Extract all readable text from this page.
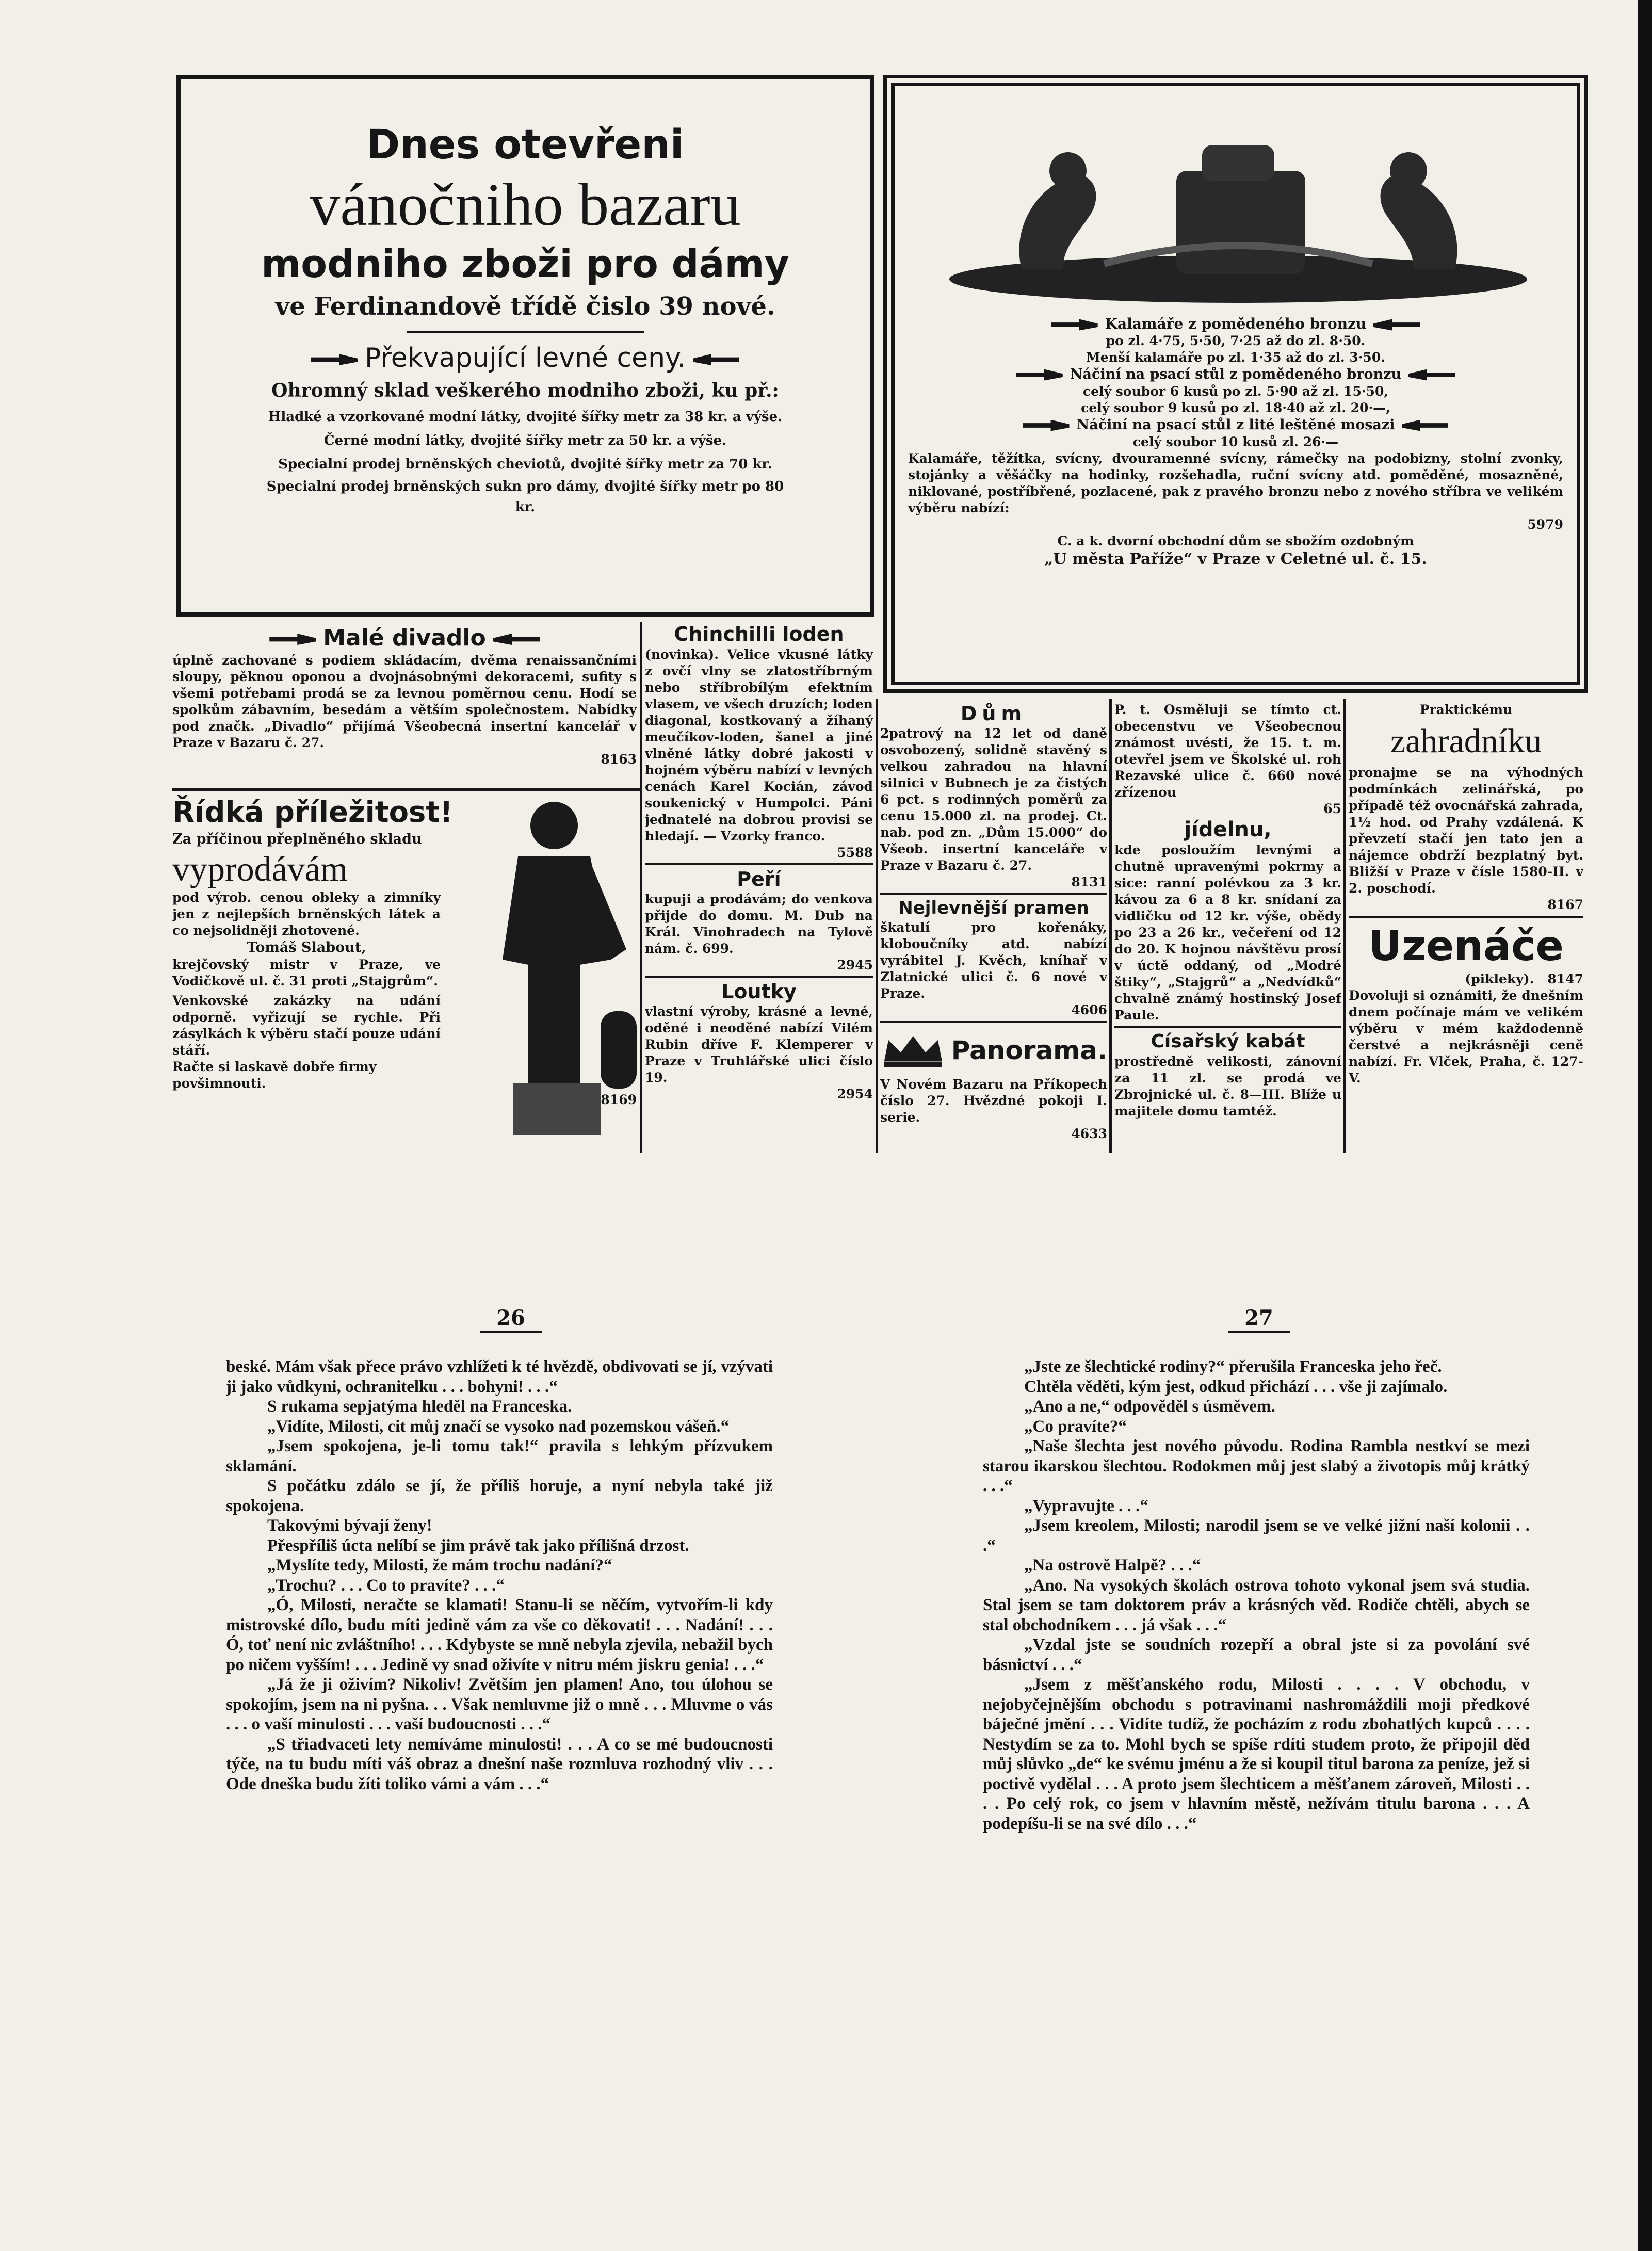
Dnes otevřeni
vánočniho bazaru
modniho zboži pro dámy
ve Ferdinandově třídě čislo 39 nové.
Překvapující levné ceny.
Ohromný sklad veškerého modniho zboži, ku př.:
Hladké a vzorkované modní látky, dvojité šířky metr za 38 kr. a výše.
Černé modní látky, dvojité šířky metr za 50 kr. a výše.
Specialní prodej brněnských cheviotů, dvojité šířky metr za 70 kr.
Specialní prodej brněnských sukn pro dámy, dvojité šířky metr po 80 kr.
Kalamáře z pomědeného bronzu
po zl. 4·75, 5·50, 7·25 až do zl. 8·50.
Menší kalamáře po zl. 1·35 až do zl. 3·50.
Náčiní na psací stůl z pomědeného bronzu
celý soubor 6 kusů po zl. 5·90 až zl. 15·50,
celý soubor 9 kusů po zl. 18·40 až zl. 20·—,
Náčiní na psací stůl z lité leštěné mosazi
celý soubor 10 kusů zl. 26·—
Kalamáře, těžítka, svícny, dvouramenné svícny, rámečky na podobizny, stolní zvonky, stojánky a věšáčky na hodinky, rozšehadla, ruční svícny atd. poměděné, mosazněné, niklované, postříbřené, pozlacené, pak z pravého bronzu nebo z nového stříbra ve velikém výběru nabízí:
5979
C. a k. dvorní obchodní dům se sbožím ozdobným
„U města Paříže“ v Praze v Celetné ul. č. 15.
Malé divadlo
úplně zachované s podiem skládacím, dvěma renaissančními sloupy, pěknou oponou a dvojnásobnými dekoracemi, sufity s všemi potřebami prodá se za levnou poměrnou cenu. Hodí se spolkům zábavním, besedám a větším společnostem. Nabídky pod značk. „Divadlo“ přijímá Všeobecná insertní kancelář v Praze v Bazaru č. 27.
8163
Řídká příležitost!
Za příčinou přeplněného skladu
vyprodávám
pod výrob. cenou obleky a zimníky jen z nejlepších brněnských látek a co nejsolidněji zhotovené.
Tomáš Slabout,
krejčovský mistr v Praze, ve Vodičkově ul. č. 31 proti „Stajgrům“.
Venkovské zakázky na udání odporně. vyřizují se rychle. Při zásylkách k výběru stačí pouze udání stáří.
Račte si laskavě dobře firmy povšimnouti.
8169
Chinchilli loden
(novinka). Velice vkusné látky z ovčí vlny se zlatostříbrným nebo stříbrobílým efektním vlasem, ve všech druzích; loden diagonal, kostkovaný a žíhaný meučíkov-loden, šanel a jiné vlněné látky dobré jakosti v hojném výběru nabízí v levných cenách Karel Kocián, závod soukenický v Humpolci. Páni jednatelé na dobrou provisi se hledají. — Vzorky franco.
5588
Peří
kupuji a prodávám; do venkova přijde do domu. M. Dub na Král. Vinohradech na Tylově nám. č. 699.
2945
Loutky
vlastní výroby, krásné a levné, oděné i neoděné nabízí Vilém Rubin dříve F. Klemperer v Praze v Truhlářské ulici číslo 19.
2954
Dům
2patrový na 12 let od daně osvobozený, solidně stavěný s velkou zahradou na hlavní silnici v Bubnech je za čistých 6 pct. s rodinných poměrů za cenu 15.000 zl. na prodej. Ct. nab. pod zn. „Dům 15.000“ do Všeob. insertní kanceláře v Praze v Bazaru č. 27.
8131
Nejlevnější pramen
škatulí pro kořenáky, kloboučníky atd. nabízí vyrábitel J. Kvěch, kníhař v Zlatnické ulici č. 6 nové v Praze.
4606
Panorama.
V Novém Bazaru na Příkopech číslo 27. Hvězdné pokoji I. serie.
4633
P. t. Osměluji se tímto ct. obecenstvu ve Všeobecnou známost uvésti, že 15. t. m. otevřel jsem ve Školské ul. roh Rezavské ulice č. 660 nové zřízenou
65
jídelnu,
kde posloužím levnými a chutně upravenými pokrmy a sice: ranní polévkou za 3 kr. kávou za 6 a 8 kr. snídaní za vidličku od 12 kr. výše, obědy po 23 a 26 kr., večeření od 12 do 20. K hojnou návštěvu prosí v úctě oddaný, od „Modré štiky“, „Stajgrů“ a „Nedvídků“ chvalně známý hostinský Josef Paule.
Císařský kabát
prostředně velikosti, zánovní za 11 zl. se prodá ve Zbrojnické ul. č. 8—III. Blíže u majitele domu tamtéž.
Praktickému
zahradníku
pronajme se na výhodných podmínkách zelinářská, po případě též ovocnářská zahrada, 1½ hod. od Prahy vzdálená. K převzetí stačí jen tato jen a nájemce obdrží bezplatný byt. Bližší v Praze v čísle 1580-II. v 2. poschodí.
8167
Uzenáče
(pikleky). 8147
Dovoluji si oznámiti, že dnešním dnem počínaje mám ve velikém výběru v mém každodenně čerstvé a nejkrásněji ceně nabízí. Fr. Vlček, Praha, č. 127-V.
26	27

beské. Mám však přece právo vzhlížeti k té hvězdě, obdivovati se jí, vzývati ji jako vůdkyni, ochranitelku . . . bohyni! . . .“

S rukama sepjatýma hleděl na Franceska.

„Vidíte, Milosti, cit můj značí se vysoko nad pozemskou vášeň.“

„Jsem spokojena, je-li tomu tak!“ pravila s lehkým přízvukem sklamání.

S počátku zdálo se jí, že příliš horuje, a nyní nebyla také již spokojena.

Takovými bývají ženy!

Přespříliš úcta nelíbí se jim právě tak jako přílišná drzost.

„Myslíte tedy, Milosti, že mám trochu nadání?“

„Trochu? . . . Co to pravíte? . . .“

„Ó, Milosti, neračte se klamati! Stanu-li se něčím, vytvořím-li kdy mistrovské dílo, budu míti jedině vám za vše co děkovati! . . . Nadání! . . . Ó, toť není nic zvláštního! . . . Kdybyste se mně nebyla zjevila, nebažil bych po ničem vyšším! . . . Jedině vy snad oživíte v nitru mém jiskru genia! . . .“

„Já že ji oživím? Nikoliv! Zvětším jen plamen! Ano, tou úlohou se spokojím, jsem na ni pyšna. . . Však nemluvme již o mně . . . Mluvme o vás . . . o vaší minulosti . . . vaší budoucnosti . . .“

„S třiadvaceti lety nemíváme minulosti! . . . A co se mé budoucnosti týče, na tu budu míti váš obraz a dnešní naše rozmluva rozhodný vliv . . . Ode dneška budu žíti toliko vámi a vám . . .“

„Jste ze šlechtické rodiny?“ přerušila Franceska jeho řeč.

Chtěla věděti, kým jest, odkud přichází . . . vše ji zajímalo.

„Ano a ne,“ odpověděl s úsměvem.

„Co pravíte?“

„Naše šlechta jest nového původu. Rodina Rambla nestkví se mezi starou ikarskou šlechtou. Rodokmen můj jest slabý a životopis můj krátký . . .“

„Vypravujte . . .“

„Jsem kreolem, Milosti; narodil jsem se ve velké jižní naší kolonii . . .“

„Na ostrově Halpě? . . .“

„Ano. Na vysokých školách ostrova tohoto vykonal jsem svá studia. Stal jsem se tam doktorem práv a krásných věd. Rodiče chtěli, abych se stal obchodníkem . . . já však . . .“

„Vzdal jste se soudních rozepří a obral jste si za povolání své básnictví . . .“

„Jsem z měšťanského rodu, Milosti . . . . V obchodu, v nejobyčejnějším obchodu s potravinami nashromáždili moji předkové báječné jmění . . . Vidíte tudíž, že pocházím z rodu zbohatlých kupců . . . . Nestydím se za to. Mohl bych se spíše rdíti studem proto, že připojil děd můj slůvko „de“ ke svému jménu a že si koupil titul barona za peníze, jež si poctivě vydělal . . . A proto jsem šlechticem a měšťanem zároveň, Milosti . . . . Po celý rok, co jsem v hlavním městě, nežívám titulu barona . . . A podepíšu-li se na své dílo . . .“
